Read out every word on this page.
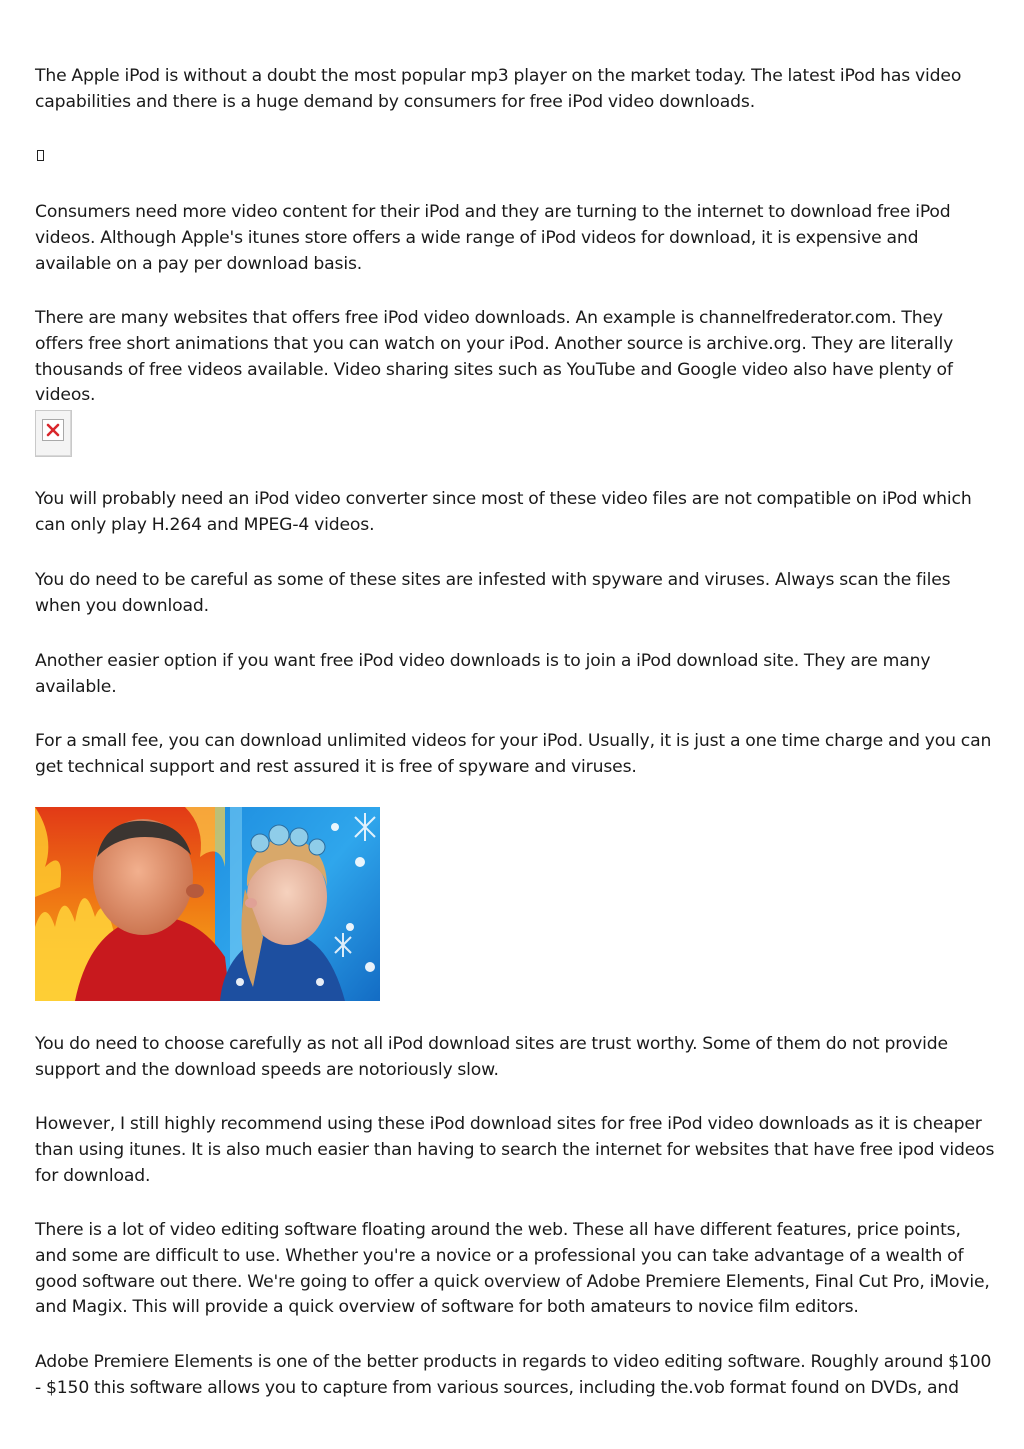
The Apple iPod is without a doubt the most popular mp3 player on the market today. The latest iPod has video capabilities and there is a huge demand by consumers for free iPod video downloads.

Consumers need more video content for their iPod and they are turning to the internet to download free iPod videos. Although Apple's itunes store offers a wide range of iPod videos for download, it is expensive and available on a pay per download basis.

There are many websites that offers free iPod video downloads. An example is channelfrederator.com. They offers free short animations that you can watch on your iPod. Another source is archive.org. They are literally thousands of free videos available. Video sharing sites such as YouTube and Google video also have plenty of videos.

You will probably need an iPod video converter since most of these video files are not compatible on iPod which can only play H.264 and MPEG-4 videos.

You do need to be careful as some of these sites are infested with spyware and viruses. Always scan the files when you download.

Another easier option if you want free iPod video downloads is to join a iPod download site. They are many available.

For a small fee, you can download unlimited videos for your iPod. Usually, it is just a one time charge and you can get technical support and rest assured it is free of spyware and viruses.

You do need to choose carefully as not all iPod download sites are trust worthy. Some of them do not provide support and the download speeds are notoriously slow.

However, I still highly recommend using these iPod download sites for free iPod video downloads as it is cheaper than using itunes. It is also much easier than having to search the internet for websites that have free ipod videos for download.

There is a lot of video editing software floating around the web. These all have different features, price points, and some are difficult to use. Whether you're a novice or a professional you can take advantage of a wealth of good software out there. We're going to offer a quick overview of Adobe Premiere Elements, Final Cut Pro, iMovie, and Magix. This will provide a quick overview of software for both amateurs to novice film editors.

Adobe Premiere Elements is one of the better products in regards to video editing software. Roughly around $100 - $150 this software allows you to capture from various sources, including the.vob format found on DVDs, and
